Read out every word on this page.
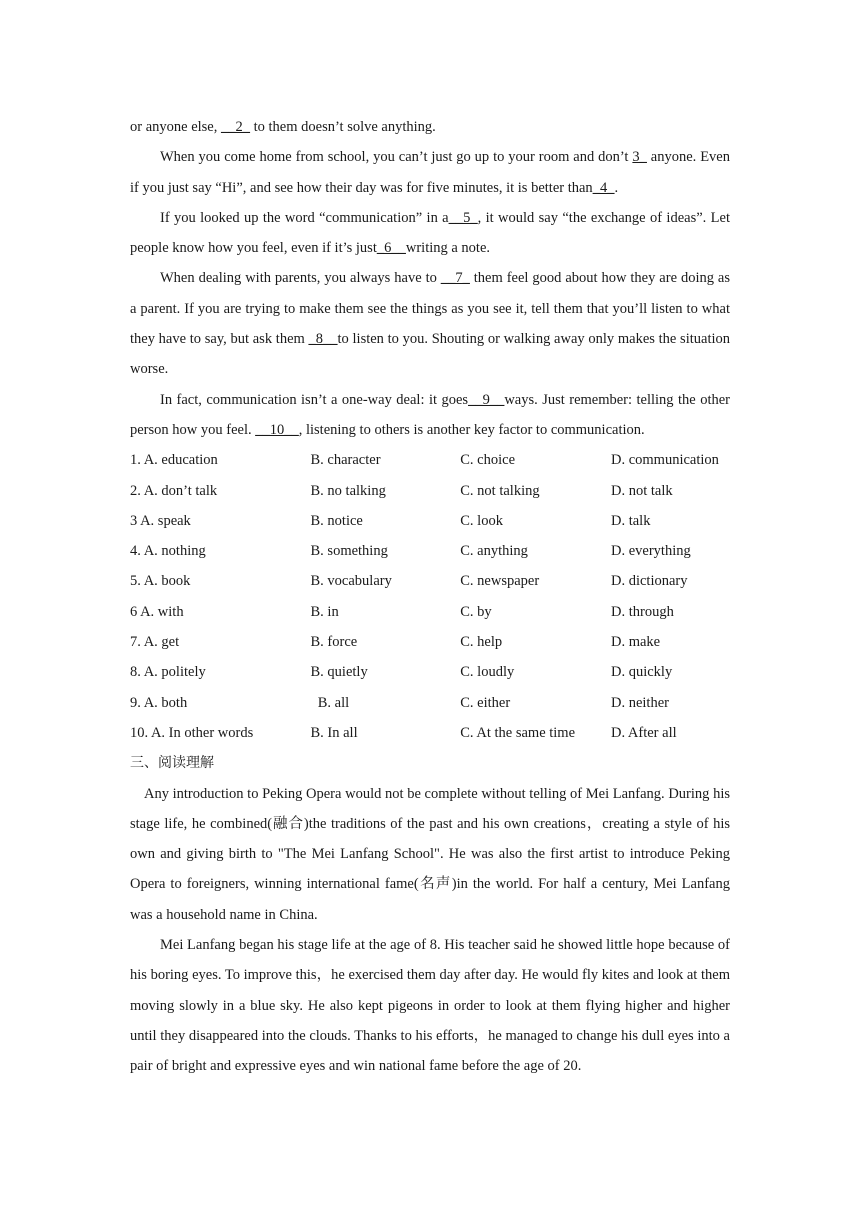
or anyone else, __2_ to them doesn’t solve anything.
When you come home from school, you can’t just go up to your room and don’t 3_ anyone. Even if you just say “Hi”, and see how their day was for five minutes, it is better than_4_.
If you looked up the word “communication” in a__5_, it would say “the exchange of ideas”. Let people know how you feel, even if it’s just_6__writing a note.
When dealing with parents, you always have to __7_ them feel good about how they are doing as a parent. If you are trying to make them see the things as you see it, tell them that you’ll listen to what they have to say, but ask them _8__to listen to you. Shouting or walking away only makes the situation worse.
In fact, communication isn’t a one-way deal: it goes__9__ways. Just remember: telling the other person how you feel. __10__, listening to others is another key factor to communication.
1. A. education	B. character	C. choice	D. communication
2. A. don’t talk	B. no talking	C. not talking	D. not talk
3 A. speak	B. notice	C. look	D. talk
4. A. nothing	B. something	C. anything	D. everything
5. A. book	B. vocabulary	C. newspaper	D. dictionary
6 A. with	B. in	C. by	D. through
7. A. get	B. force	C. help	D. make
8. A. politely	B. quietly	C. loudly	D. quickly
9. A. both	B. all	C. either	D. neither
10. A. In other words	B. In all	C. At the same time	D. After all
三、阅读理解
Any introduction to Peking Opera would not be complete without telling of Mei Lanfang. During his stage life, he combined(融合)the traditions of the past and his own creations，creating a style of his own and giving birth to "The Mei Lanfang School". He was also the first artist to introduce Peking Opera to foreigners, winning international fame(名声)in the world. For half a century, Mei Lanfang was a household name in China.
Mei Lanfang began his stage life at the age of 8. His teacher said he showed little hope because of his boring eyes. To improve this，he exercised them day after day. He would fly kites and look at them moving slowly in a blue sky. He also kept pigeons in order to look at them flying higher and higher until they disappeared into the clouds. Thanks to his efforts，he managed to change his dull eyes into a pair of bright and expressive eyes and win national fame before the age of 20.
